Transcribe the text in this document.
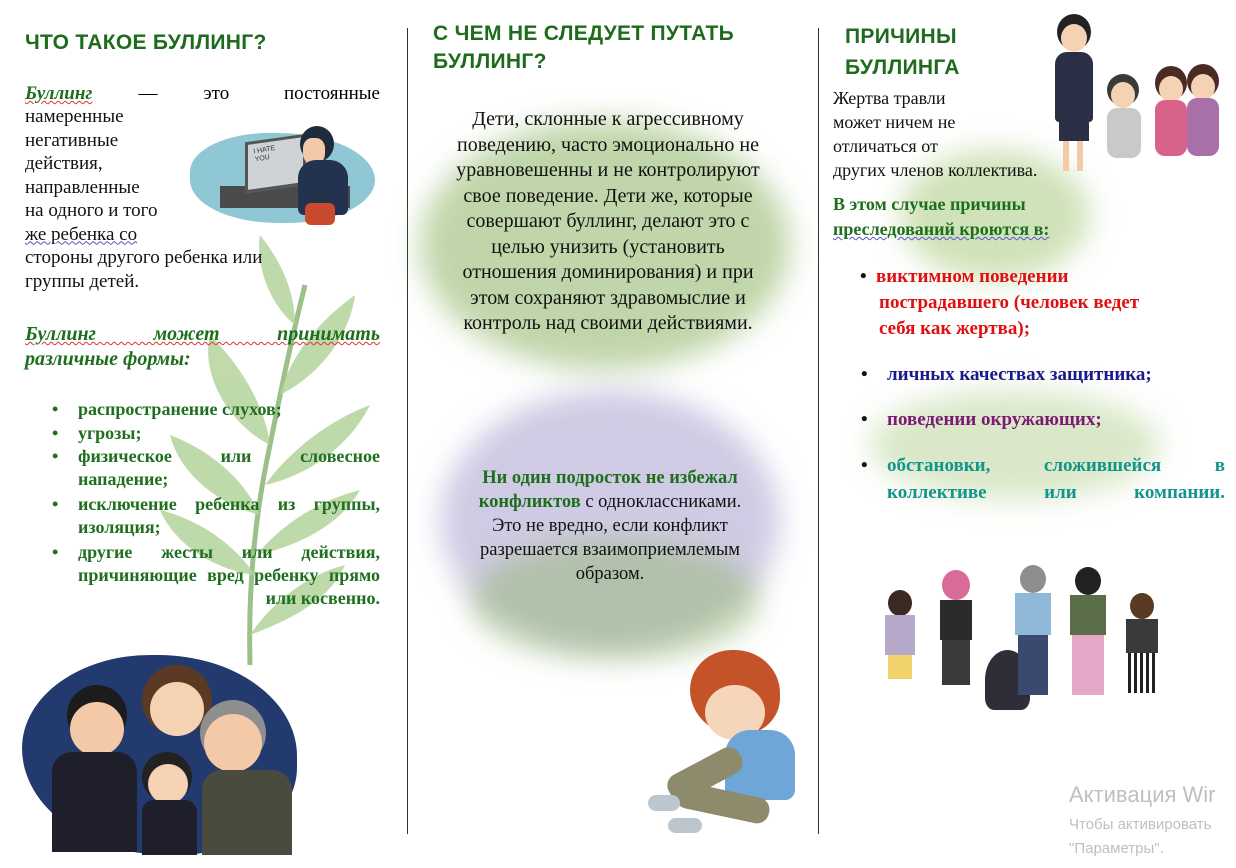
ЧТО ТАКОЕ БУЛЛИНГ?
Буллинг — это постоянные
намеренные
негативные
действия,
направленные
на одного и того
же ребенка со
стороны другого ребенка или
группы детей.
I HATE YOU
Буллинг может принимать
различные формы:
• распространение слухов;
• угрозы;
• физическое или словесное нападение;
• исключение ребенка из группы, изоляция;
• другие жесты или действия, причиняющие вред ребенку прямо или косвенно.
С ЧЕМ НЕ СЛЕДУЕТ ПУТАТЬ
БУЛЛИНГ?
Дети, склонные к агрессивному
поведению, часто эмоционально не
уравновешенны и не контролируют
свое поведение. Дети же, которые
совершают буллинг, делают это с
целью унизить (установить
отношения доминирования) и при
этом сохраняют здравомыслие и
контроль над своими действиями.
Ни один подросток не избежал
конфликтов с одноклассниками.
Это не вредно, если конфликт
разрешается взаимоприемлемым
образом.
ПРИЧИНЫ
БУЛЛИНГА
Жертва травли
может ничем не
отличаться от
других членов коллектива.
В этом случае причины
преследований кроются в:
• виктимном поведении
пострадавшего (человек ведет
себя как жертва);
• личных качествах защитника;
• поведении окружающих;
• обстановки, сложившейся в
коллективе или компании.
Активация Wir
Чтобы активировать
"Параметры".
